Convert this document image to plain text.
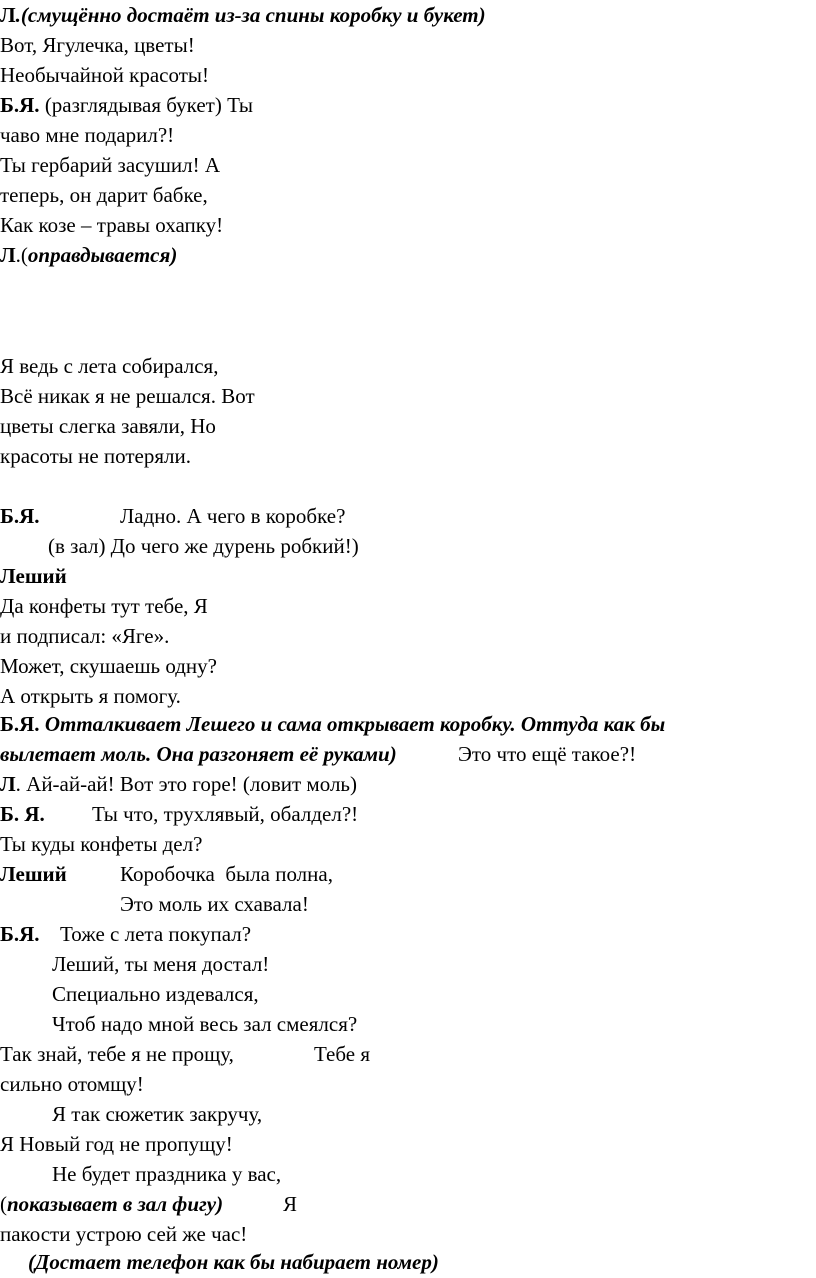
Л.(смущённо достаёт из-за спины коробку и букет)
Вот, Ягулечка, цветы!
Необычайной красоты!
Б.Я. (разглядывая букет) Ты
чаво мне подарил?!
Ты гербарий засушил! А
теперь, он дарит бабке,
Как козе – травы охапку!
Л.(оправдывается)
Я ведь с лета собирался,
Всё никак я не решался. Вот
цветы слегка завяли, Но
красоты не потеряли.
Б.Я.	Ладно. А чего в коробке?
(в зал) До чего же дурень робкий!)
Леший
Да конфеты тут тебе, Я
и подписал: «Яге».
Может, скушаешь одну?
А открыть я помогу.
Б.Я. Отталкивает Лешего и сама открывает коробку. Оттуда как бы
вылетает моль. Она разгоняет её руками)	Это что ещё такое?!
Л. Ай-ай-ай! Вот это горе! (ловит моль)
Б. Я. Ты что, трухлявый, обалдел?!
Ты куды конфеты дел?
Леший	Коробочка  была полна,
Это моль их схавала!
Б.Я. Тоже с лета покупал?
Леший, ты меня достал!
Специально издевался,
Чтоб надо мной весь зал смеялся?
Так знай, тебе я не прощу,	Тебе я
сильно отомщу!
Я так сюжетик закручу,
Я Новый год не пропущу!
Не будет праздника у вас,
(показывает в зал фигу)	Я
пакости устрою сей же час!
(Достает телефон как бы набирает номер)
